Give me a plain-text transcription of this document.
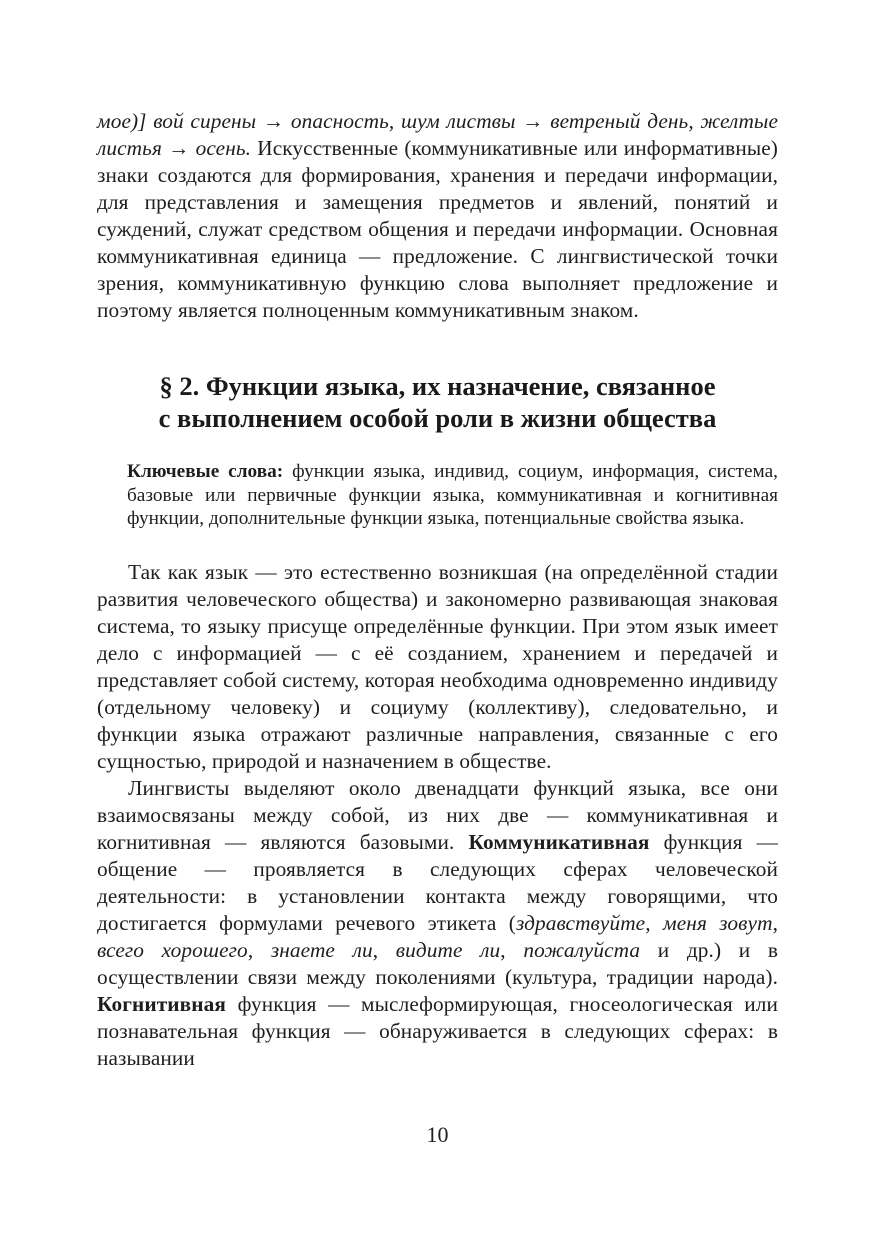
мое)] вой сирены → опасность, шум листвы → ветреный день, желтые листья → осень. Искусственные (коммуникативные или информативные) знаки создаются для формирования, хранения и передачи информации, для представления и замещения предметов и явлений, понятий и суждений, служат средством общения и передачи информации. Основная коммуникативная единица — предложение. С лингвистической точки зрения, коммуникативную функцию слова выполняет предложение и поэтому является полноценным коммуникативным знаком.

§ 2. Функции языка, их назначение, связанное
с выполнением особой роли в жизни общества

Ключевые слова: функции языка, индивид, социум, информация, система, базовые или первичные функции языка, коммуникативная и когнитивная функции, дополнительные функции языка, потенциальные свойства языка.

Так как язык — это естественно возникшая (на определённой стадии развития человеческого общества) и закономерно развивающая знаковая система, то языку присуще определённые функции. При этом язык имеет дело с информацией — с её созданием, хранением и передачей и представляет собой систему, которая необходима одновременно индивиду (отдельному человеку) и социуму (коллективу), следовательно, и функции языка отражают различные направления, связанные с его сущностью, природой и назначением в обществе.

Лингвисты выделяют около двенадцати функций языка, все они взаимосвязаны между собой, из них две — коммуникативная и когнитивная — являются базовыми. Коммуникативная функция — общение — проявляется в следующих сферах человеческой деятельности: в установлении контакта между говорящими, что достигается формулами речевого этикета (здравствуйте, меня зовут, всего хорошего, знаете ли, видите ли, пожалуйста и др.) и в осуществлении связи между поколениями (культура, традиции народа). Когнитивная функция — мыслеформирующая, гносеологическая или познавательная функция — обнаруживается в следующих сферах: в назывании

10
